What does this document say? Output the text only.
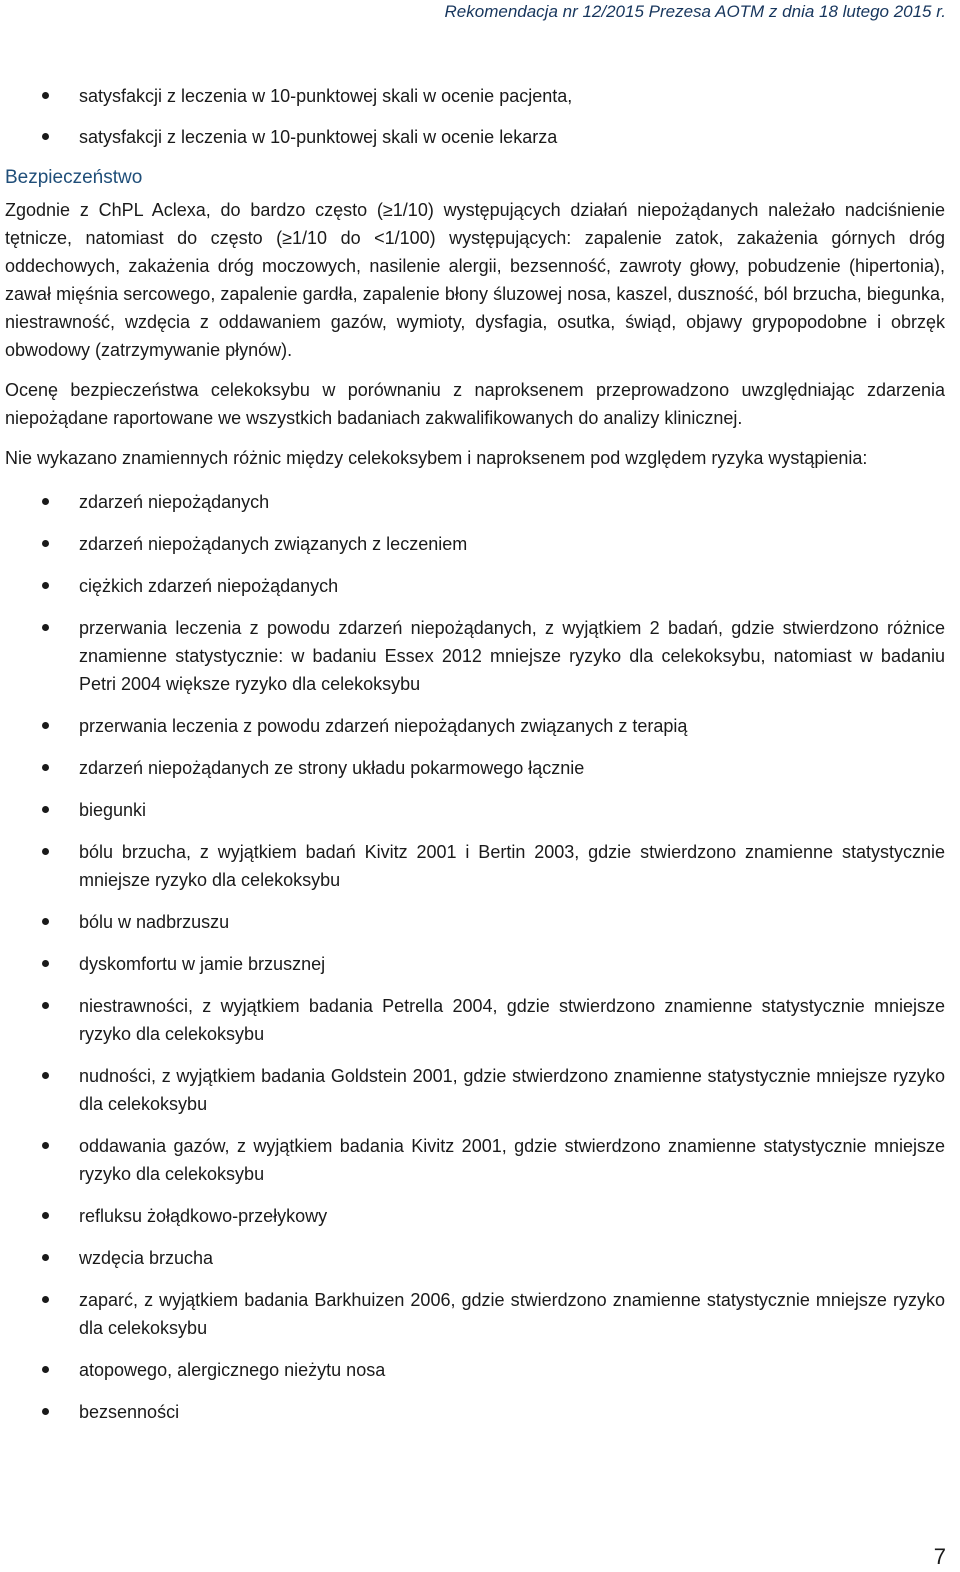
Rekomendacja nr 12/2015 Prezesa AOTM z dnia 18 lutego 2015 r.
satysfakcji z leczenia w 10-punktowej skali w ocenie pacjenta,
satysfakcji z leczenia w 10-punktowej skali w ocenie lekarza
Bezpieczeństwo

Zgodnie z ChPL Aclexa, do bardzo często (≥1/10) występujących działań niepożądanych należało nadciśnienie tętnicze, natomiast do często (≥1/10 do <1/100) występujących: zapalenie zatok, zakażenia górnych dróg oddechowych, zakażenia dróg moczowych, nasilenie alergii, bezsenność, zawroty głowy, pobudzenie (hipertonia), zawał mięśnia sercowego, zapalenie gardła, zapalenie błony śluzowej nosa, kaszel, duszność, ból brzucha, biegunka, niestrawność, wzdęcia z oddawaniem gazów, wymioty, dysfagia, osutka, świąd, objawy grypopodobne i obrzęk obwodowy (zatrzymywanie płynów).

Ocenę bezpieczeństwa celekoksybu w porównaniu z naproksenem przeprowadzono uwzględniając zdarzenia niepożądane raportowane we wszystkich badaniach zakwalifikowanych do analizy klinicznej.

Nie wykazano znamiennych różnic między celekoksybem i naproksenem pod względem ryzyka wystąpienia:

zdarzeń niepożądanych
zdarzeń niepożądanych związanych z leczeniem
ciężkich zdarzeń niepożądanych
przerwania leczenia z powodu zdarzeń niepożądanych, z wyjątkiem 2 badań, gdzie stwierdzono różnice znamienne statystycznie: w badaniu Essex 2012 mniejsze ryzyko dla celekoksybu, natomiast w badaniu Petri 2004 większe ryzyko dla celekoksybu
przerwania leczenia z powodu zdarzeń niepożądanych związanych z terapią
zdarzeń niepożądanych ze strony układu pokarmowego łącznie
biegunki
bólu brzucha, z wyjątkiem badań Kivitz 2001 i Bertin 2003, gdzie stwierdzono znamienne statystycznie mniejsze ryzyko dla celekoksybu
bólu w nadbrzuszu
dyskomfortu w jamie brzusznej
niestrawności, z wyjątkiem badania Petrella 2004, gdzie stwierdzono znamienne statystycznie mniejsze ryzyko dla celekoksybu
nudności, z wyjątkiem badania Goldstein 2001, gdzie stwierdzono znamienne statystycznie mniejsze ryzyko dla celekoksybu
oddawania gazów, z wyjątkiem badania Kivitz 2001, gdzie stwierdzono znamienne statystycznie mniejsze ryzyko dla celekoksybu
refluksu żołądkowo-przełykowy
wzdęcia brzucha
zaparć, z wyjątkiem badania Barkhuizen 2006, gdzie stwierdzono znamienne statystycznie mniejsze ryzyko dla celekoksybu
atopowego, alergicznego nieżytu nosa
bezsenności
7
